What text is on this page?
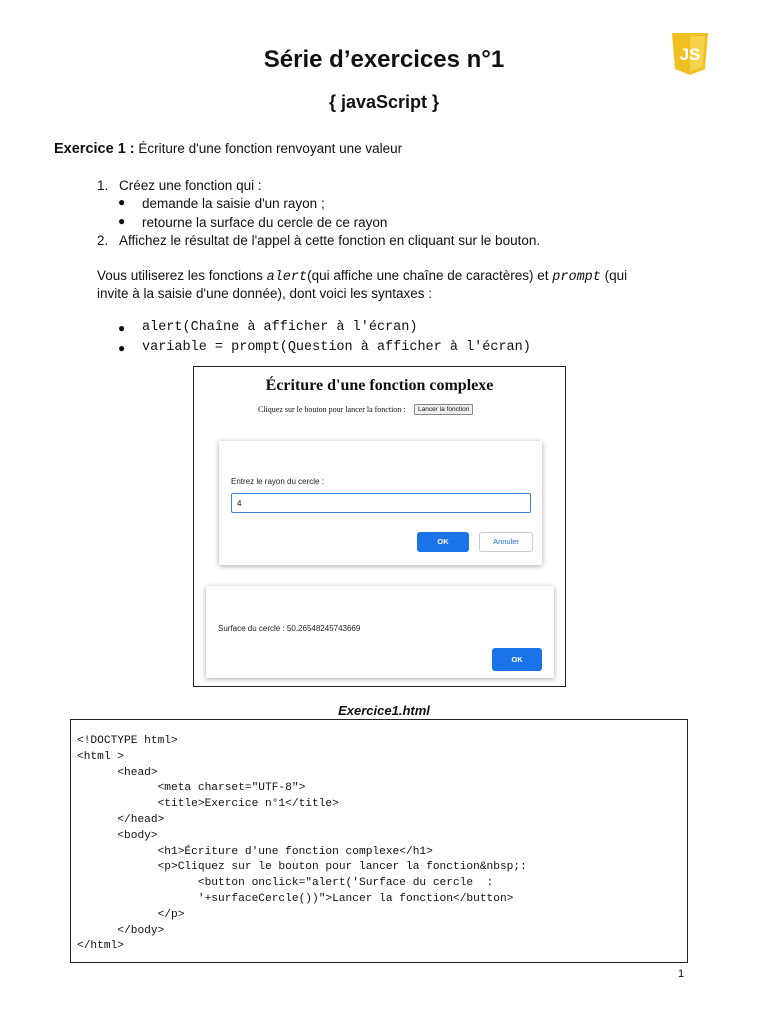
Série d’exercices n°1
{ javaScript }
JS
Exercice 1 : Écriture d'une fonction renvoyant une valeur
1. Créez une fonction qui :
● demande la saisie d'un rayon ;
● retourne la surface du cercle de ce rayon
2. Affichez le résultat de l'appel à cette fonction en cliquant sur le bouton.
Vous utiliserez les fonctions alert(qui affiche une chaîne de caractères) et prompt (qui
invite à la saisie d'une donnée), dont voici les syntaxes :
● alert(Chaîne à afficher à l'écran)
● variable = prompt(Question à afficher à l'écran)
Écriture d'une fonction complexe
Cliquez sur le bouton pour lancer la fonction :	Lancer la fonction
Entrez le rayon du cercle :
4
OK	Annuler
Surface du cercle : 50.26548245743669
OK
Exercice1.html
<!DOCTYPE html>
<html >
	<head>
		<meta charset="UTF-8">
		<title>Exercice n°1</title>
	</head>
	<body>
		<h1>Écriture d'une fonction complexe</h1>
		<p>Cliquez sur le bouton pour lancer la fonction&nbsp;:
			<button onclick="alert('Surface du cercle  :
			'+surfaceCercle())">Lancer la fonction</button>
		</p>
	</body>
</html>
1
